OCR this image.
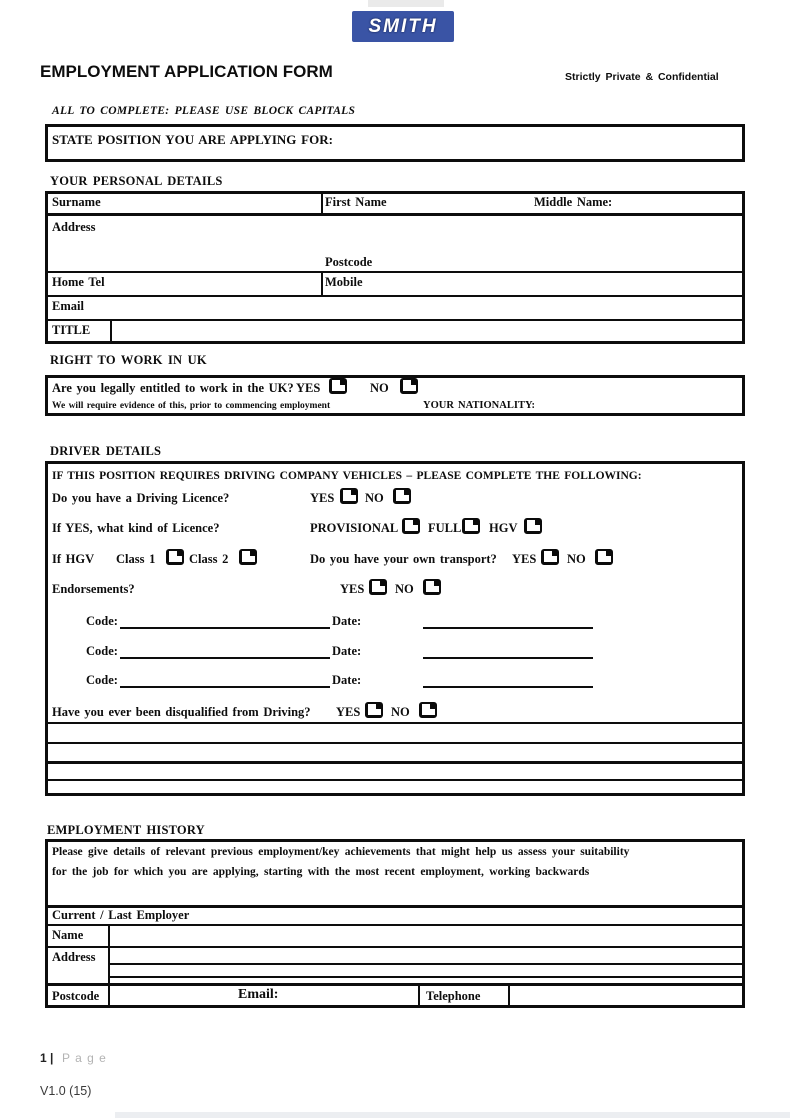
SMITH
EMPLOYMENT APPLICATION FORM	Strictly Private & Confidential
ALL TO COMPLETE: PLEASE USE BLOCK CAPITALS
STATE POSITION YOU ARE APPLYING FOR:
YOUR PERSONAL DETAILS
Surname	First Name	Middle Name:
Address
Postcode
Home Tel	Mobile
Email
TITLE
RIGHT TO WORK IN UK
Are you legally entitled to work in the UK? YES	NO
We will require evidence of this, prior to commencing employment	YOUR NATIONALITY:
DRIVER DETAILS
IF THIS POSITION REQUIRES DRIVING COMPANY VEHICLES – PLEASE COMPLETE THE FOLLOWING:
Do you have a Driving Licence?	YES NO
If YES, what kind of Licence?	PROVISIONAL FULL HGV
If HGV Class 1	Class 2	Do you have your own transport? YES NO
Endorsements?	YES NO
Code:	Date:
Code:	Date:
Code:	Date:
Have you ever been disqualified from Driving? YES NO
EMPLOYMENT HISTORY
Please give details of relevant previous employment/key achievements that might help us assess your suitability
for the job for which you are applying, starting with the most recent employment, working backwards
Current / Last Employer
Name
Address
Postcode	Email:	Telephone
1 | P a g e
V1.0 (15)
